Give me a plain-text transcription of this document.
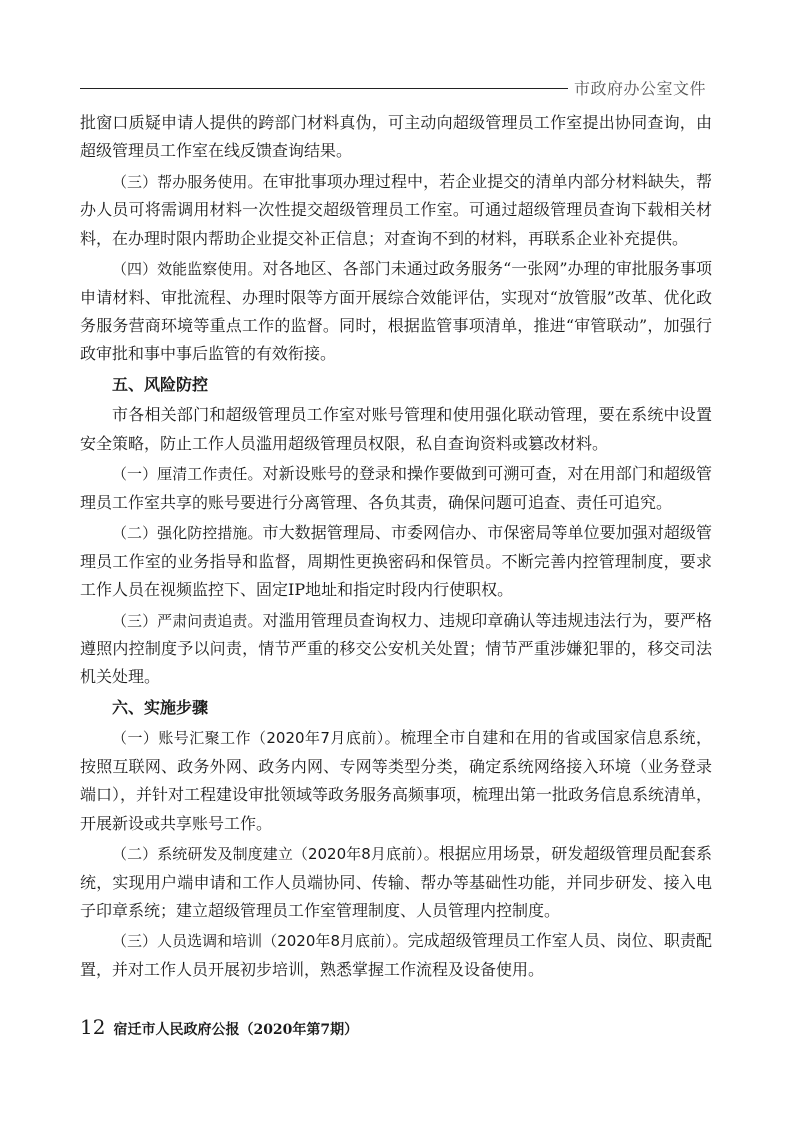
市政府办公室文件

批窗口质疑申请人提供的跨部门材料真伪，可主动向超级管理员工作室提出协同查询，由超级管理员工作室在线反馈查询结果。

（三）帮办服务使用。在审批事项办理过程中，若企业提交的清单内部分材料缺失，帮办人员可将需调用材料一次性提交超级管理员工作室。可通过超级管理员查询下载相关材料，在办理时限内帮助企业提交补正信息；对查询不到的材料，再联系企业补充提供。

（四）效能监察使用。对各地区、各部门未通过政务服务“一张网”办理的审批服务事项申请材料、审批流程、办理时限等方面开展综合效能评估，实现对“放管服”改革、优化政务服务营商环境等重点工作的监督。同时，根据监管事项清单，推进“审管联动”，加强行政审批和事中事后监管的有效衔接。

五、风险防控

市各相关部门和超级管理员工作室对账号管理和使用强化联动管理，要在系统中设置安全策略，防止工作人员滥用超级管理员权限，私自查询资料或篡改材料。

（一）厘清工作责任。对新设账号的登录和操作要做到可溯可查，对在用部门和超级管理员工作室共享的账号要进行分离管理、各负其责，确保问题可追查、责任可追究。

（二）强化防控措施。市大数据管理局、市委网信办、市保密局等单位要加强对超级管理员工作室的业务指导和监督，周期性更换密码和保管员。不断完善内控管理制度，要求工作人员在视频监控下、固定IP地址和指定时段内行使职权。

（三）严肃问责追责。对滥用管理员查询权力、违规印章确认等违规违法行为，要严格遵照内控制度予以问责，情节严重的移交公安机关处置；情节严重涉嫌犯罪的，移交司法机关处理。

六、实施步骤

（一）账号汇聚工作（2020年7月底前）。梳理全市自建和在用的省或国家信息系统，按照互联网、政务外网、政务内网、专网等类型分类，确定系统网络接入环境（业务登录端口），并针对工程建设审批领域等政务服务高频事项，梳理出第一批政务信息系统清单，开展新设或共享账号工作。

（二）系统研发及制度建立（2020年8月底前）。根据应用场景，研发超级管理员配套系统，实现用户端申请和工作人员端协同、传输、帮办等基础性功能，并同步研发、接入电子印章系统；建立超级管理员工作室管理制度、人员管理内控制度。

（三）人员选调和培训（2020年8月底前）。完成超级管理员工作室人员、岗位、职责配置，并对工作人员开展初步培训，熟悉掌握工作流程及设备使用。

12 宿迁市人民政府公报（2020年第7期）
